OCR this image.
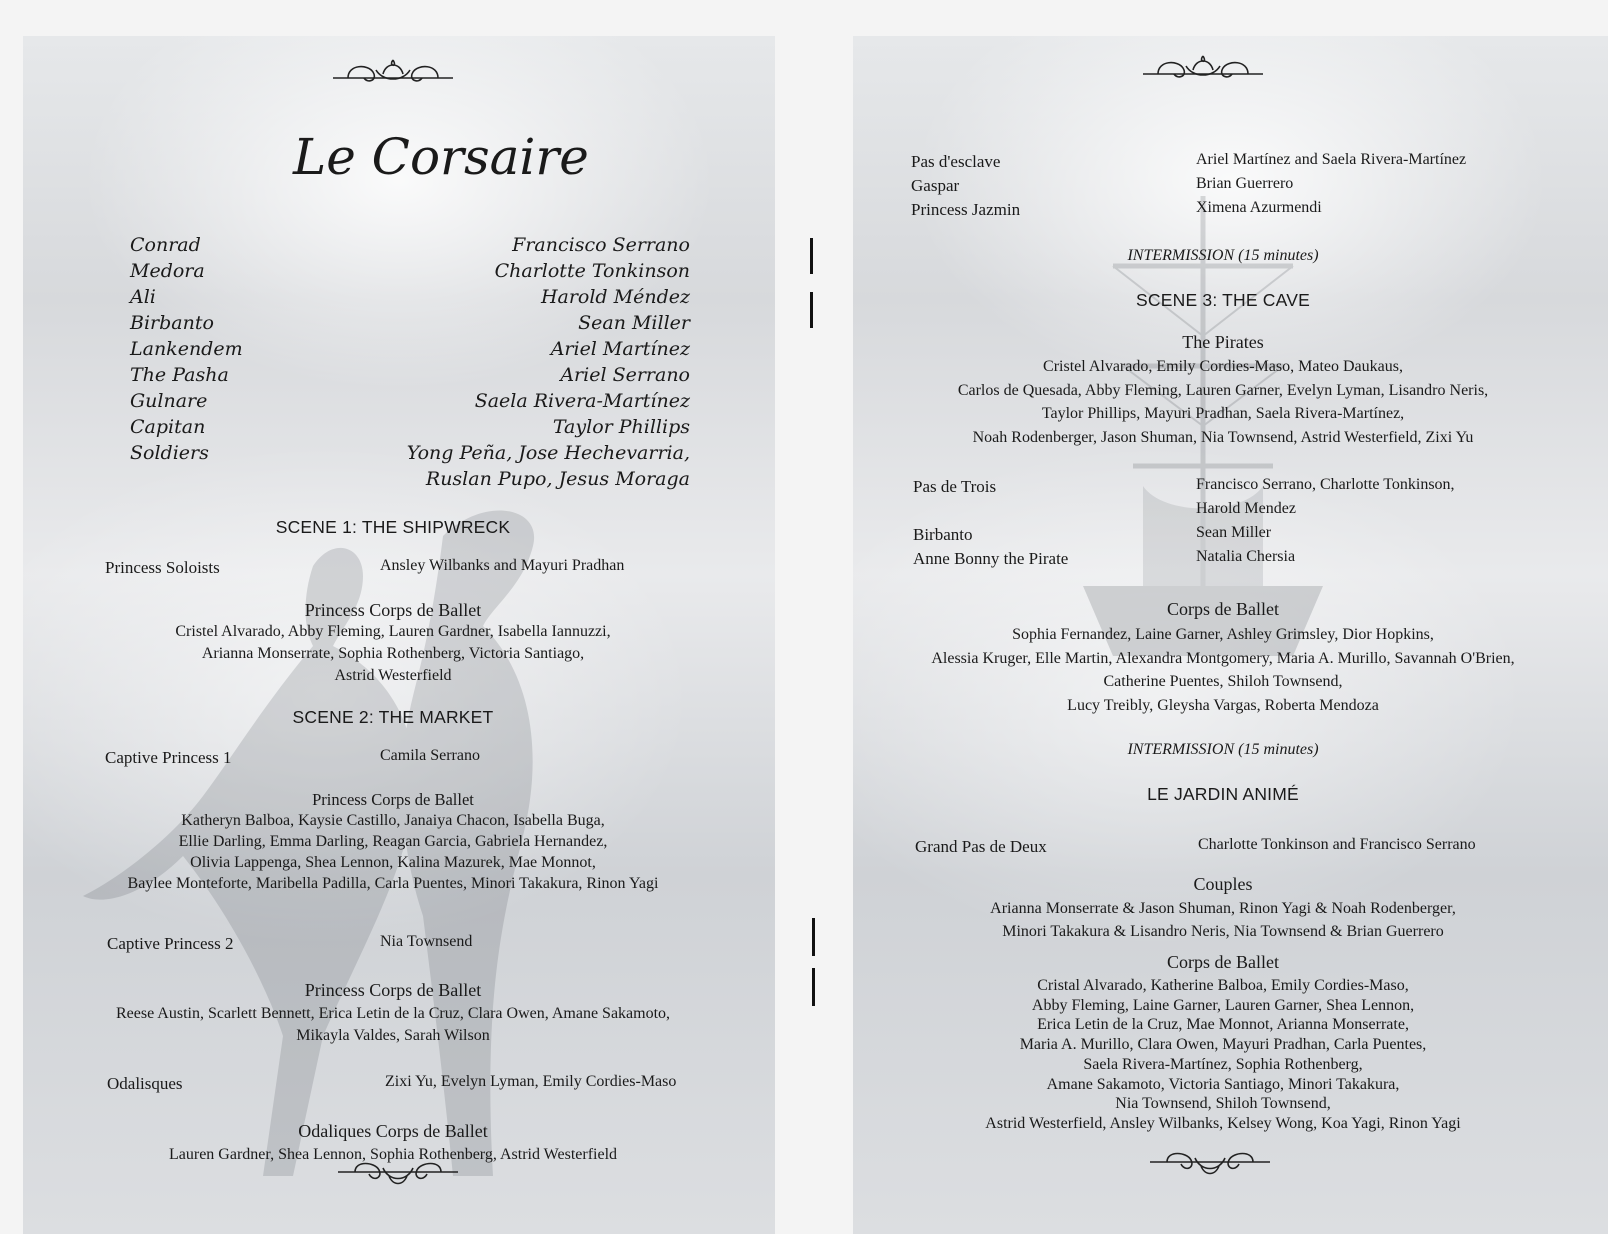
Le Corsaire
Conrad	Francisco Serrano
Medora	Charlotte Tonkinson
Ali	Harold Méndez
Birbanto	Sean Miller
Lankendem	Ariel Martínez
The Pasha	Ariel Serrano
Gulnare	Saela Rivera-Martínez
Capitan	Taylor Phillips
Soldiers	Yong Peña, Jose Hechevarria,
Ruslan Pupo, Jesus Moraga
SCENE 1: THE SHIPWRECK
Princess Soloists	Ansley Wilbanks and Mayuri Pradhan
Princess Corps de Ballet
Cristel Alvarado, Abby Fleming, Lauren Gardner, Isabella Iannuzzi,
Arianna Monserrate, Sophia Rothenberg, Victoria Santiago,
Astrid Westerfield
SCENE 2: THE MARKET
Captive Princess 1	Camila Serrano
Princess Corps de Ballet
Katheryn Balboa, Kaysie Castillo, Janaiya Chacon, Isabella Buga,
Ellie Darling, Emma Darling, Reagan Garcia, Gabriela Hernandez,
Olivia Lappenga, Shea Lennon, Kalina Mazurek, Mae Monnot,
Baylee Monteforte, Maribella Padilla, Carla Puentes, Minori Takakura, Rinon Yagi
Captive Princess 2	Nia Townsend
Princess Corps de Ballet
Reese Austin, Scarlett Bennett, Erica Letin de la Cruz, Clara Owen, Amane Sakamoto,
Mikayla Valdes, Sarah Wilson
Odalisques	Zixi Yu, Evelyn Lyman, Emily Cordies-Maso
Odaliques Corps de Ballet
Lauren Gardner, Shea Lennon, Sophia Rothenberg, Astrid Westerfield
Pas d'esclave	Ariel Martínez and Saela Rivera-Martínez
Gaspar	Brian Guerrero
Princess Jazmin	Ximena Azurmendi
INTERMISSION (15 minutes)
SCENE 3: THE CAVE
The Pirates
Cristel Alvarado, Emily Cordies-Maso, Mateo Daukaus,
Carlos de Quesada, Abby Fleming, Lauren Garner, Evelyn Lyman, Lisandro Neris,
Taylor Phillips, Mayuri Pradhan, Saela Rivera-Martínez,
Noah Rodenberger, Jason Shuman, Nia Townsend, Astrid Westerfield, Zixi Yu
Pas de Trois	Francisco Serrano, Charlotte Tonkinson,
Harold Mendez
Birbanto	Sean Miller
Anne Bonny the Pirate	Natalia Chersia
Corps de Ballet
Sophia Fernandez, Laine Garner, Ashley Grimsley, Dior Hopkins,
Alessia Kruger, Elle Martin, Alexandra Montgomery, Maria A. Murillo, Savannah O'Brien,
Catherine Puentes, Shiloh Townsend,
Lucy Treibly, Gleysha Vargas, Roberta Mendoza
INTERMISSION (15 minutes)
LE JARDIN ANIMÉ
Grand Pas de Deux	Charlotte Tonkinson and Francisco Serrano
Couples
Arianna Monserrate & Jason Shuman, Rinon Yagi & Noah Rodenberger,
Minori Takakura & Lisandro Neris, Nia Townsend & Brian Guerrero
Corps de Ballet
Cristal Alvarado, Katherine Balboa, Emily Cordies-Maso,
Abby Fleming, Laine Garner, Lauren Garner, Shea Lennon,
Erica Letin de la Cruz, Mae Monnot, Arianna Monserrate,
Maria A. Murillo, Clara Owen, Mayuri Pradhan, Carla Puentes,
Saela Rivera-Martínez, Sophia Rothenberg,
Amane Sakamoto, Victoria Santiago, Minori Takakura,
Nia Townsend, Shiloh Townsend,
Astrid Westerfield, Ansley Wilbanks, Kelsey Wong, Koa Yagi, Rinon Yagi
